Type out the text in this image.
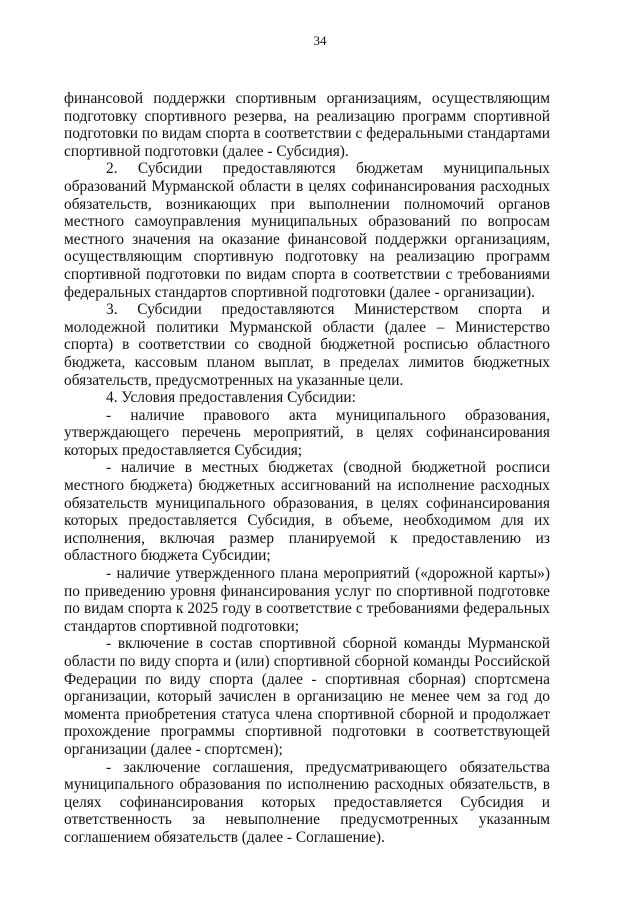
34

финансовой поддержки спортивным организациям, осуществляющим подготовку спортивного резерва, на реализацию программ спортивной подготовки по видам спорта в соответствии с федеральными стандартами спортивной подготовки (далее - Субсидия).

2. Субсидии предоставляются бюджетам муниципальных образований Мурманской области в целях софинансирования расходных обязательств, возникающих при выполнении полномочий органов местного самоуправления муниципальных образований по вопросам местного значения на оказание финансовой поддержки организациям, осуществляющим спортивную подготовку на реализацию программ спортивной подготовки по видам спорта в соответствии с требованиями федеральных стандартов спортивной подготовки (далее - организации).

3. Субсидии предоставляются Министерством спорта и молодежной политики Мурманской области (далее – Министерство спорта) в соответствии со сводной бюджетной росписью областного бюджета, кассовым планом выплат, в пределах лимитов бюджетных обязательств, предусмотренных на указанные цели.

4. Условия предоставления Субсидии:

- наличие правового акта муниципального образования, утверждающего перечень мероприятий, в целях софинансирования которых предоставляется Субсидия;

- наличие в местных бюджетах (сводной бюджетной росписи местного бюджета) бюджетных ассигнований на исполнение расходных обязательств муниципального образования, в целях софинансирования которых предоставляется Субсидия, в объеме, необходимом для их исполнения, включая размер планируемой к предоставлению из областного бюджета Субсидии;

- наличие утвержденного плана мероприятий («дорожной карты») по приведению уровня финансирования услуг по спортивной подготовке по видам спорта к 2025 году в соответствие с требованиями федеральных стандартов спортивной подготовки;

- включение в состав спортивной сборной команды Мурманской области по виду спорта и (или) спортивной сборной команды Российской Федерации по виду спорта (далее - спортивная сборная) спортсмена организации, который зачислен в организацию не менее чем за год до момента приобретения статуса члена спортивной сборной и продолжает прохождение программы спортивной подготовки в соответствующей организации (далее - спортсмен);

- заключение соглашения, предусматривающего обязательства муниципального образования по исполнению расходных обязательств, в целях софинансирования которых предоставляется Субсидия и ответственность за невыполнение предусмотренных указанным соглашением обязательств (далее - Соглашение).
